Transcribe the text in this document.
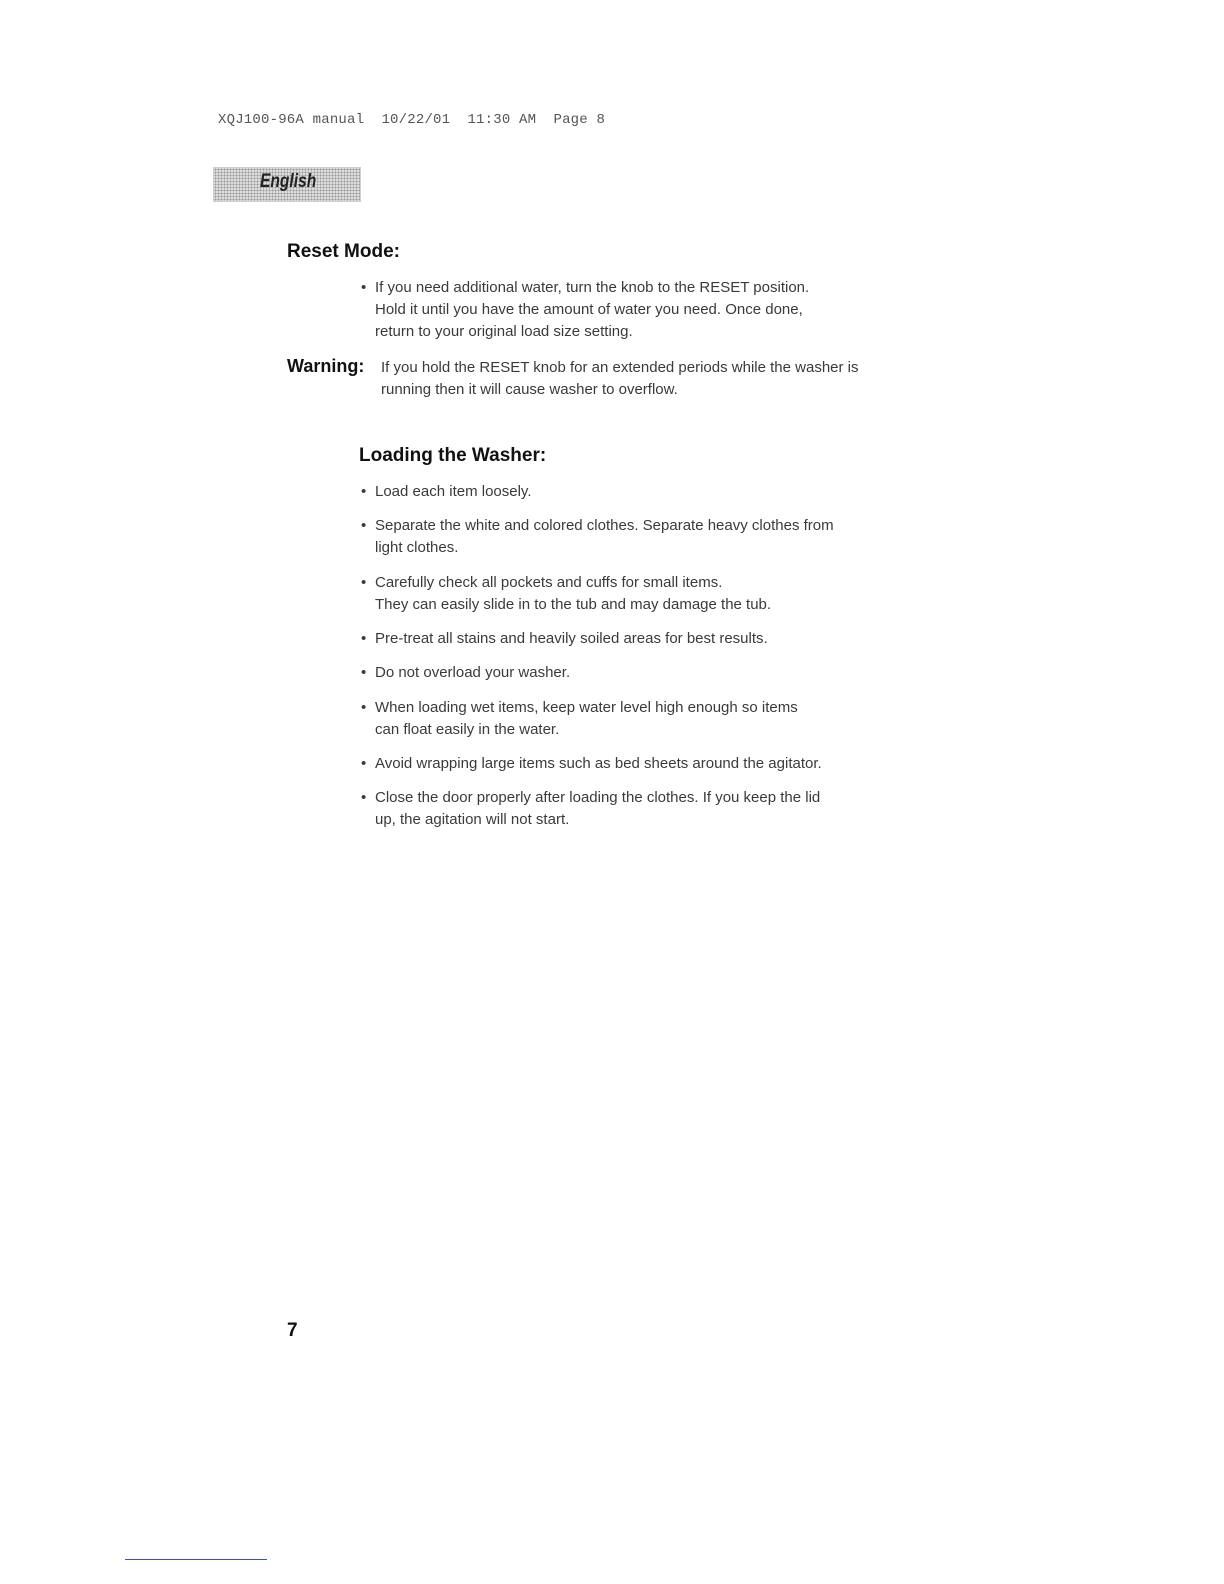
XQJ100-96A manual 10/22/01 11:30 AM Page 8
English
Reset Mode:
• If you need additional water, turn the knob to the RESET position.
Hold it until you have the amount of water you need. Once done,
return to your original load size setting.
Warning: If you hold the RESET knob for an extended periods while the washer is
running then it will cause washer to overflow.
Loading the Washer:
• Load each item loosely.
• Separate the white and colored clothes. Separate heavy clothes from
light clothes.
• Carefully check all pockets and cuffs for small items.
They can easily slide in to the tub and may damage the tub.
• Pre-treat all stains and heavily soiled areas for best results.
• Do not overload your washer.
• When loading wet items, keep water level high enough so items
can float easily in the water.
• Avoid wrapping large items such as bed sheets around the agitator.
• Close the door properly after loading the clothes. If you keep the lid
up, the agitation will not start.
7
